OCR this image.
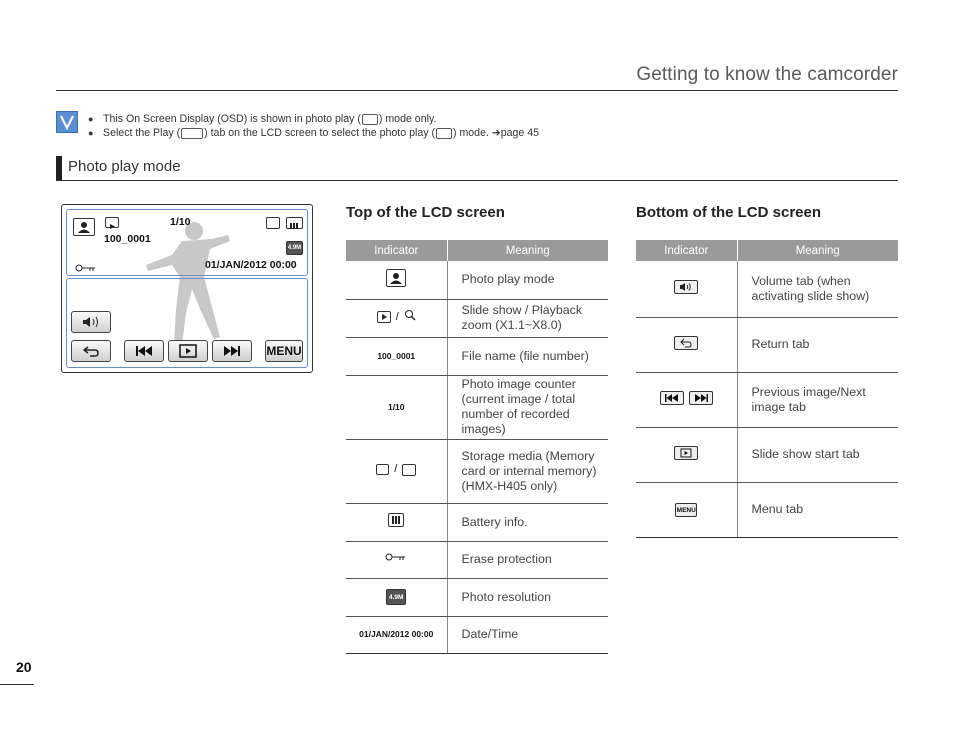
Getting to know the camcorder
● This On Screen Display (OSD) is shown in photo play ( ) mode only.
● Select the Play ( ) tab on the LCD screen to select the photo play ( ) mode. ➔page 45
Photo play mode
1/10
100_0001
4.9M
01/JAN/2012 00:00
MENU
Top of the LCD screen
Indicator	Meaning
	Photo play mode

/	Slide show / Playback zoom (X1.1~X8.0)
100_0001	File name (file number)
1/10	Photo image counter (current image / total number of recorded images)

/	Storage media (Memory card or internal memory) (HMX-H405 only)
	Battery info.
	Erase protection
4.9M	Photo resolution
01/JAN/2012 00:00	Date/Time
Bottom of the LCD screen
Indicator	Meaning
	Volume tab (when activating slide show)
	Return tab

	Previous image/Next image tab
	Slide show start tab
MENU	Menu tab
20
